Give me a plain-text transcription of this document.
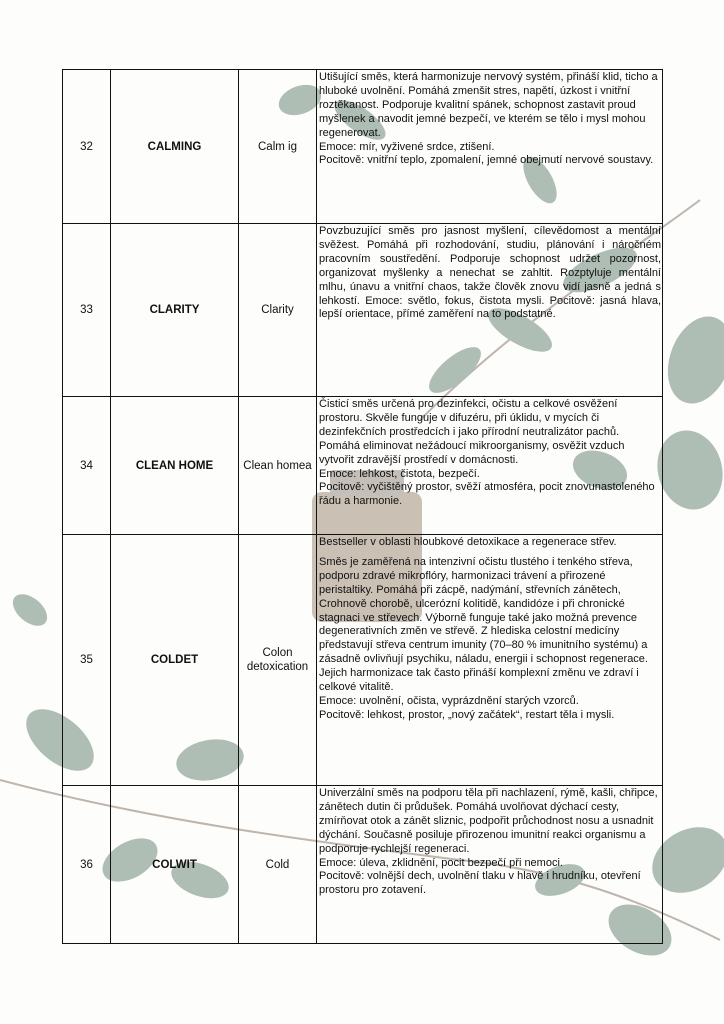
32	CALMING	Calm ig	Utišující směs, která harmonizuje nervový systém, přináší klid, ticho a hluboké uvolnění. Pomáhá zmenšit stres, napětí, úzkost i vnitřní roztěkanost. Podporuje kvalitní spánek, schopnost zastavit proud myšlenek a navodit jemné bezpečí, ve kterém se tělo i mysl mohou regenerovat.

Emoce: mír, vyživené srdce, ztišení.

Pocitově: vnitřní teplo, zpomalení, jemné obejmutí nervové soustavy.

33	CLARITY	Clarity	Povzbuzující směs pro jasnost myšlení, cílevědomost a mentální svěžest. Pomáhá při rozhodování, studiu, plánování i náročném pracovním soustředění. Podporuje schopnost udržet pozornost, organizovat myšlenky a nenechat se zahltit. Rozptyluje mentální mlhu, únavu a vnitřní chaos, takže člověk znovu vidí jasně a jedná s lehkostí. Emoce: světlo, fokus, čistota mysli. Pocitově: jasná hlava, lepší orientace, přímé zaměření na to podstatné.

34	CLEAN HOME	Clean homea	Čisticí směs určená pro dezinfekci, očistu a celkové osvěžení prostoru. Skvěle funguje v difuzéru, při úklidu, v mycích či dezinfekčních prostředcích i jako přírodní neutralizátor pachů. Pomáhá eliminovat nežádoucí mikroorganismy, osvěžit vzduch vytvořit zdravější prostředí v domácnosti.

Emoce: lehkost, čistota, bezpečí.

Pocitově: vyčištěný prostor, svěží atmosféra, pocit znovunastoleného řádu a harmonie.

35	COLDET	Colon detoxication	Bestseller v oblasti hloubkové detoxikace a regenerace střev.

Směs je zaměřená na intenzivní očistu tlustého i tenkého střeva, podporu zdravé mikroflóry, harmonizaci trávení a přirozené peristaltiky. Pomáhá při zácpě, nadýmání, střevních zánětech, Crohnově chorobě, ulcerózní kolitidě, kandidóze i při chronické stagnaci ve střevech. Výborně funguje také jako možná prevence degenerativních změn ve střevě. Z hlediska celostní medicíny představují střeva centrum imunity (70–80 % imunitního systému) a zásadně ovlivňují psychiku, náladu, energii i schopnost regenerace. Jejich harmonizace tak často přináší komplexní změnu ve zdraví i celkové vitalitě.

Emoce: uvolnění, očista, vyprázdnění starých vzorců.

Pocitově: lehkost, prostor, „nový začátek“, restart těla i mysli.

36	COLWIT	Cold	Univerzální směs na podporu těla při nachlazení, rýmě, kašli, chřipce, zánětech dutin či průdušek. Pomáhá uvolňovat dýchací cesty, zmírňovat otok a zánět sliznic, podpořit průchodnost nosu a usnadnit dýchání. Současně posiluje přirozenou imunitní reakci organismu a podporuje rychlejší regeneraci.

Emoce: úleva, zklidnění, pocit bezpečí při nemoci.

Pocitově: volnější dech, uvolnění tlaku v hlavě i hrudníku, otevření prostoru pro zotavení.
